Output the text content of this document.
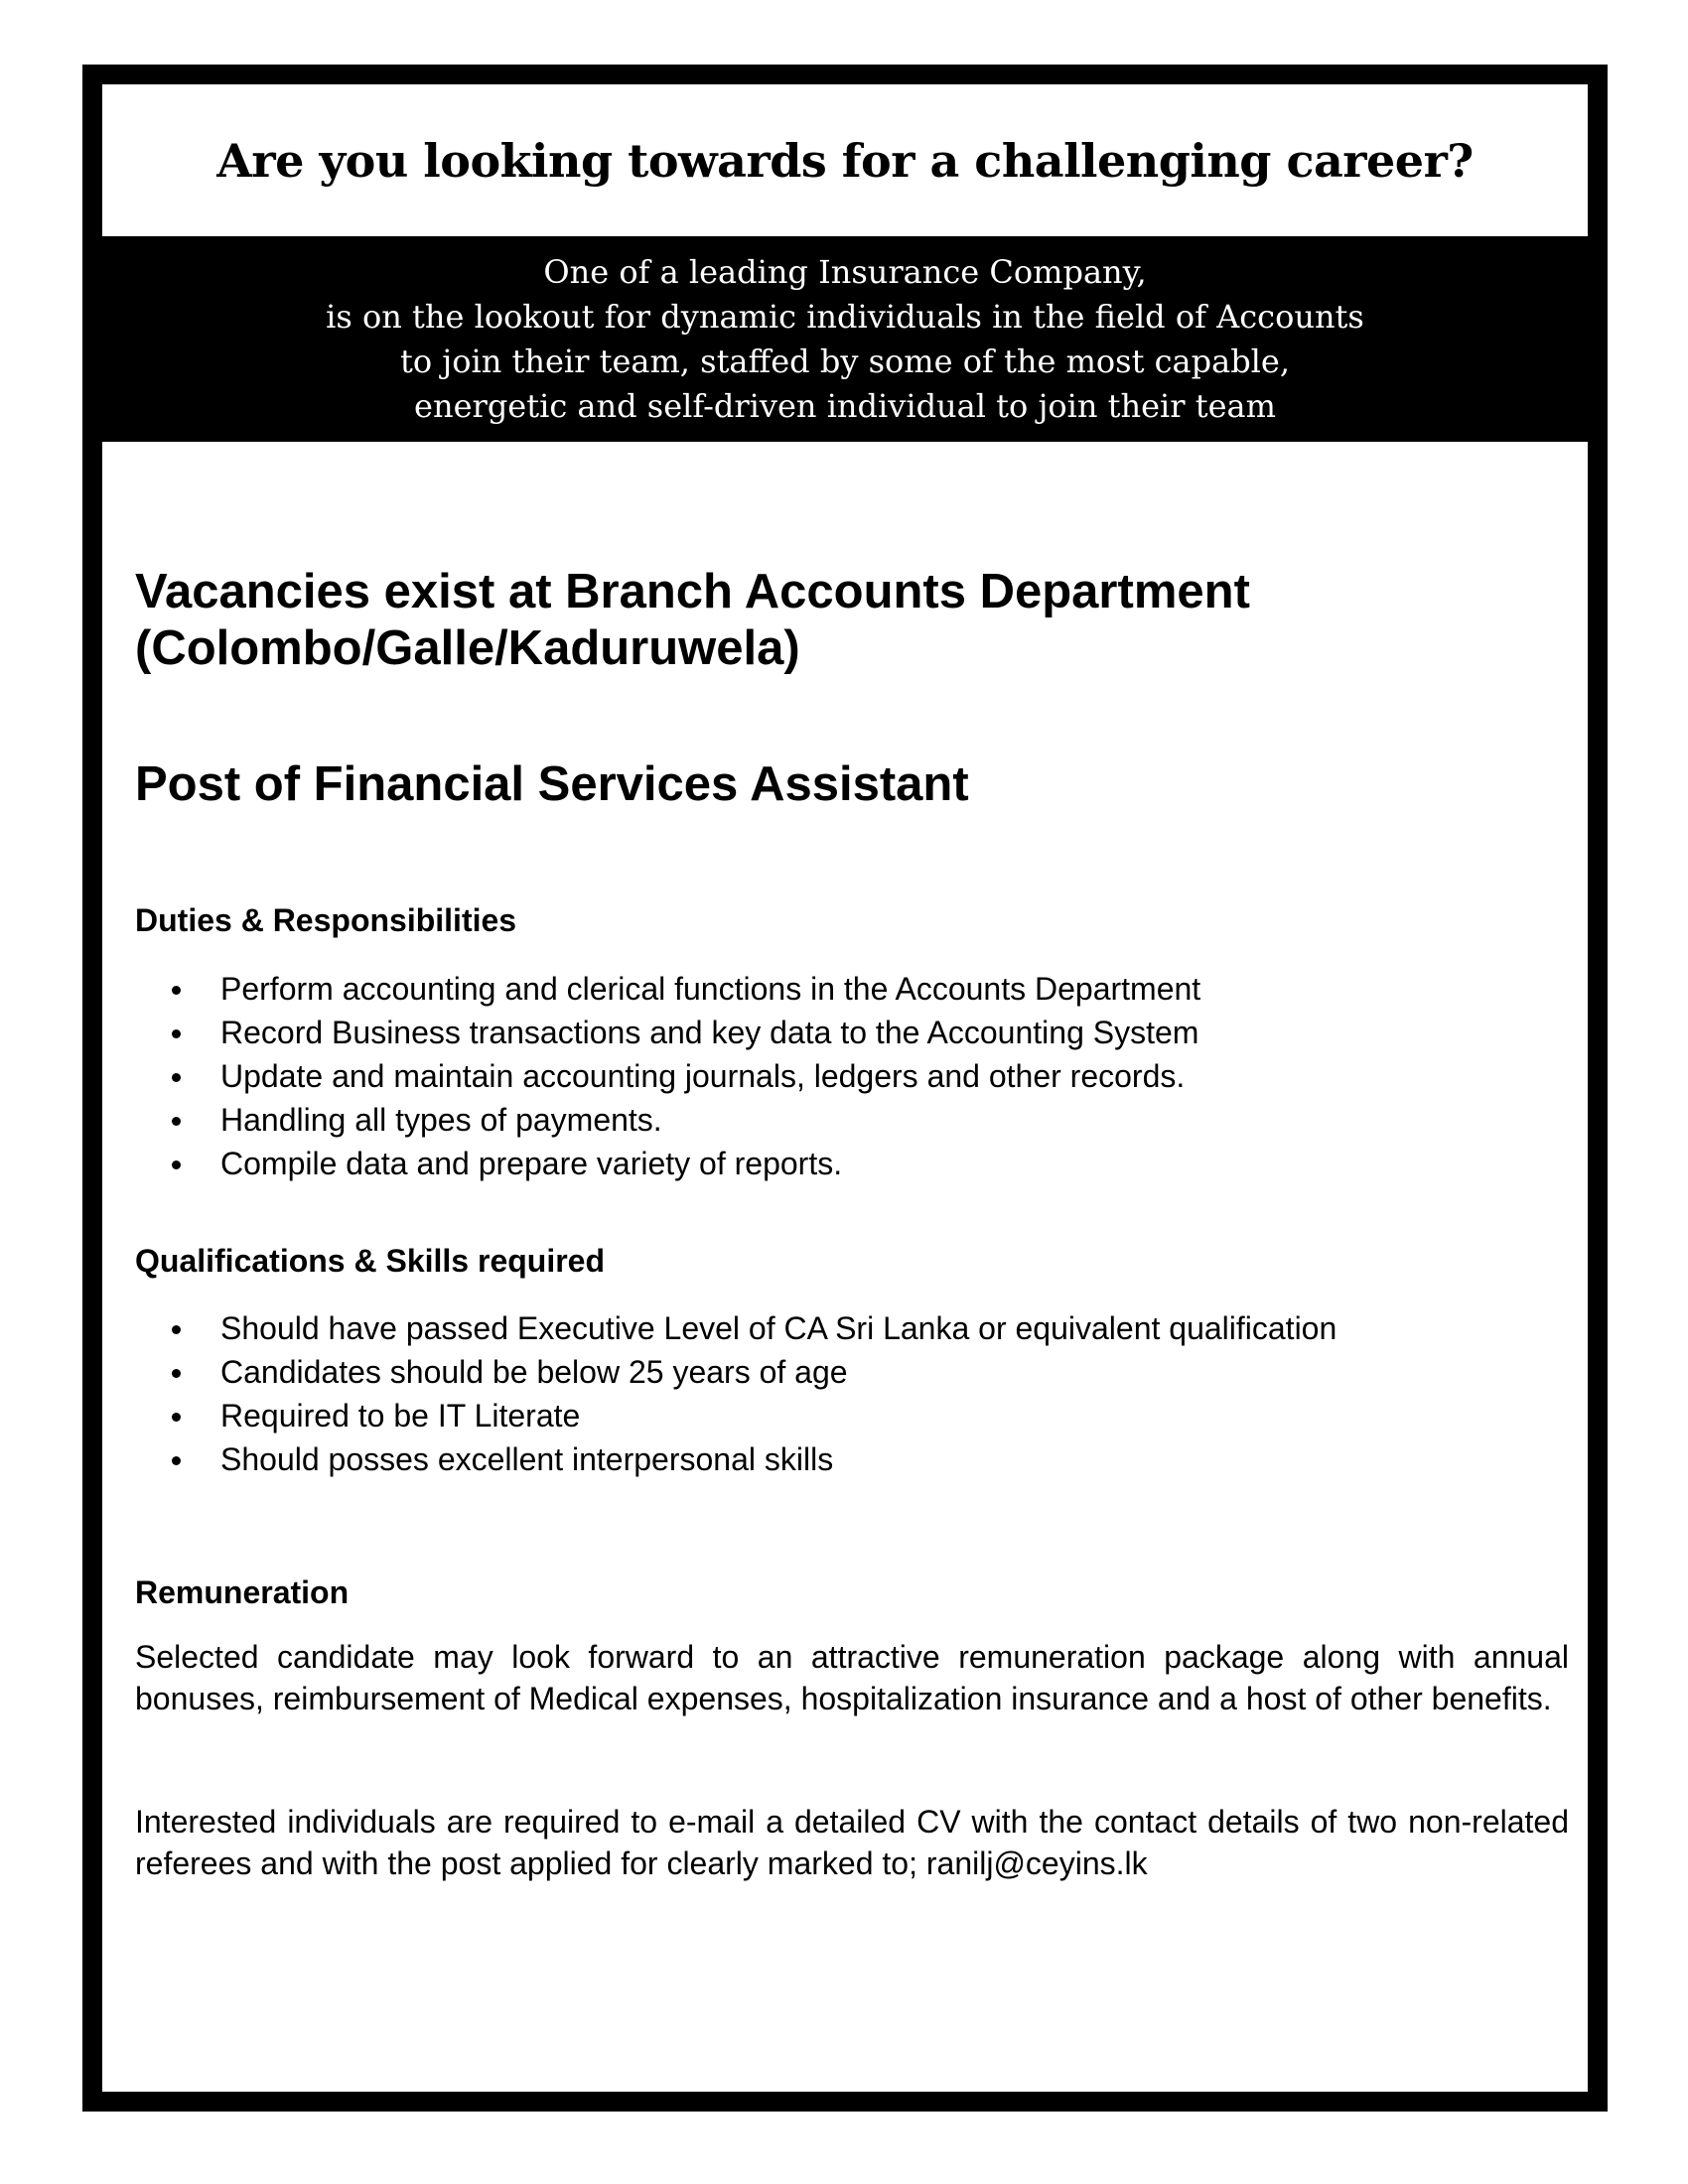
Are you looking towards for a challenging career?
One of a leading Insurance Company,
is on the lookout for dynamic individuals in the field of Accounts
to join their team, staffed by some of the most capable,
energetic and self-driven individual to join their team
Vacancies exist at Branch Accounts Department
(Colombo/Galle/Kaduruwela)
Post of Financial Services Assistant
Duties & Responsibilities
Perform accounting and clerical functions in the Accounts Department
Record Business transactions and key data to the Accounting System
Update and maintain accounting journals, ledgers and other records.
Handling all types of payments.
Compile data and prepare variety of reports.
Qualifications & Skills required
Should have passed Executive Level of CA Sri Lanka or equivalent qualification
Candidates should be below 25 years of age
Required to be IT Literate
Should posses excellent interpersonal skills
Remuneration
Selected candidate may look forward to an attractive remuneration package along with annual bonuses, reimbursement of Medical expenses, hospitalization insurance and a host of other benefits.
Interested individuals are required to e-mail a detailed CV with the contact details of two non-related referees and with the post applied for clearly marked to; ranilj@ceyins.lk
